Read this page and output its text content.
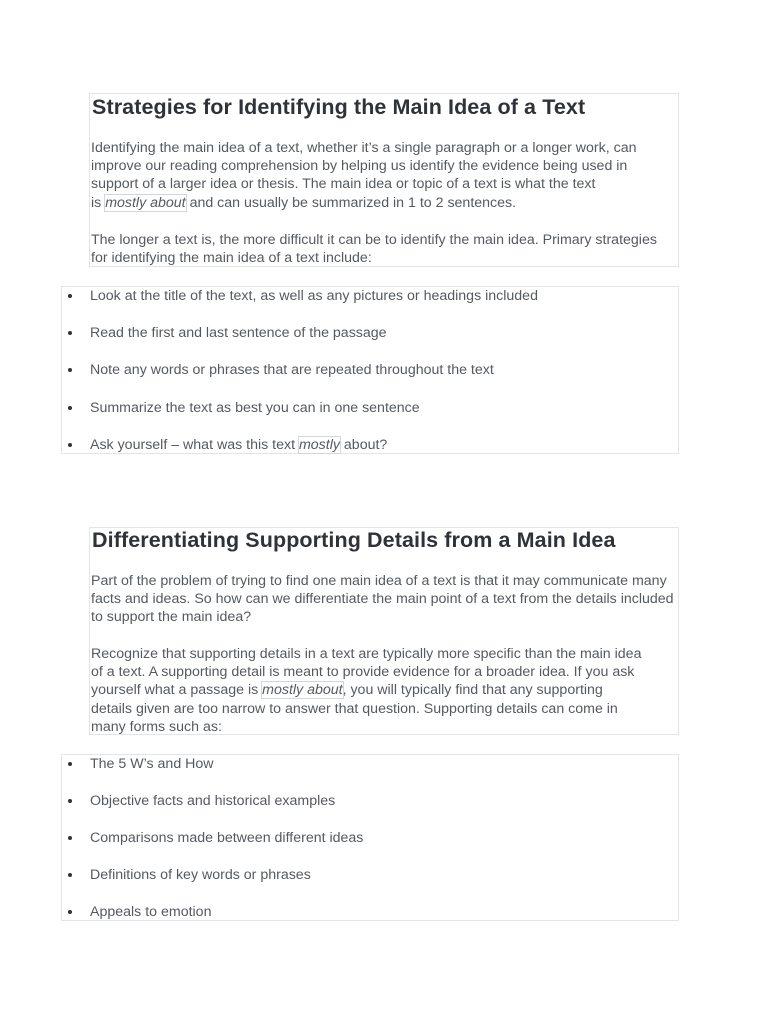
Strategies for Identifying the Main Idea of a Text

Identifying the main idea of a text, whether it’s a single paragraph or a longer work, can
improve our reading comprehension by helping us identify the evidence being used in
support of a larger idea or thesis. The main idea or topic of a text is what the text
is mostly about and can usually be summarized in 1 to 2 sentences.

The longer a text is, the more difficult it can be to identify the main idea. Primary strategies for identifying the main idea of a text include:

Look at the title of the text, as well as any pictures or headings included
Read the first and last sentence of the passage
Note any words or phrases that are repeated throughout the text
Summarize the text as best you can in one sentence
Ask yourself – what was this text mostly about?
Differentiating Supporting Details from a Main Idea

Part of the problem of trying to find one main idea of a text is that it may communicate many facts and ideas. So how can we differentiate the main point of a text from the details included to support the main idea?

Recognize that supporting details in a text are typically more specific than the main idea
of a text. A supporting detail is meant to provide evidence for a broader idea. If you ask
yourself what a passage is mostly about, you will typically find that any supporting
details given are too narrow to answer that question. Supporting details can come in
many forms such as:

The 5 W’s and How
Objective facts and historical examples
Comparisons made between different ideas
Definitions of key words or phrases
Appeals to emotion
